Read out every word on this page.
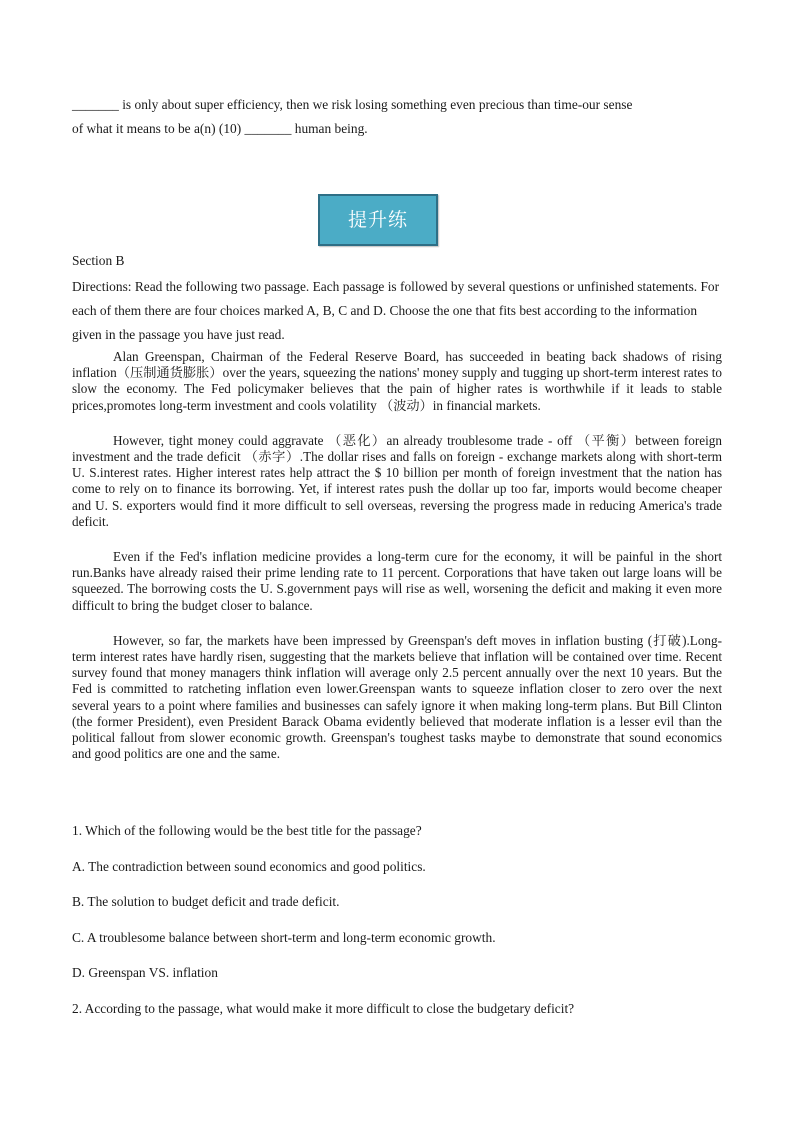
_______ is only about super efficiency, then we risk losing something even precious than time-our sense

of what it means to be a(n) (10) _______ human being.

提升练
Section B

Directions: Read the following two passage. Each passage is followed by several questions or unfinished statements. For each of them there are four choices marked A, B, C and D. Choose the one that fits best according to the information given in the passage you have just read.

Alan Greenspan, Chairman of the Federal Reserve Board, has succeeded in beating back shadows of rising inflation（压制通货膨胀）over the years, squeezing the nations' money supply and tugging up short-term interest rates to slow the economy. The Fed policymaker believes that the pain of higher rates is worthwhile if it leads to stable prices,promotes long-term investment and cools volatility （波动）in financial markets.

However, tight money could aggravate （恶化）an already troublesome trade - off （平衡）between foreign investment and the trade deficit （赤字）.The dollar rises and falls on foreign - exchange markets along with short-term U. S.interest rates. Higher interest rates help attract the $ 10 billion per month of foreign investment that the nation has come to rely on to finance its borrowing. Yet, if interest rates push the dollar up too far, imports would become cheaper and U. S. exporters would find it more difficult to sell overseas, reversing the progress made in reducing America's trade deficit.

Even if the Fed's inflation medicine provides a long-term cure for the economy, it will be painful in the short run.Banks have already raised their prime lending rate to 11 percent. Corporations that have taken out large loans will be squeezed. The borrowing costs the U. S.government pays will rise as well, worsening the deficit and making it even more difficult to bring the budget closer to balance.

However, so far, the markets have been impressed by Greenspan's deft moves in inflation busting (打破).Long-term interest rates have hardly risen, suggesting that the markets believe that inflation will be contained over time. Recent survey found that money managers think inflation will average only 2.5 percent annually over the next 10 years. But the Fed is committed to ratcheting inflation even lower.Greenspan wants to squeeze inflation closer to zero over the next several years to a point where families and businesses can safely ignore it when making long-term plans. But Bill Clinton (the former President), even President Barack Obama evidently believed that moderate inflation is a lesser evil than the political fallout from slower economic growth. Greenspan's toughest tasks maybe to demonstrate that sound economics and good politics are one and the same.

1. Which of the following would be the best title for the passage?
A. The contradiction between sound economics and good politics.
B. The solution to budget deficit and trade deficit.
C. A troublesome balance between short-term and long-term economic growth.
D. Greenspan VS. inflation
2. According to the passage, what would make it more difficult to close the budgetary deficit?
